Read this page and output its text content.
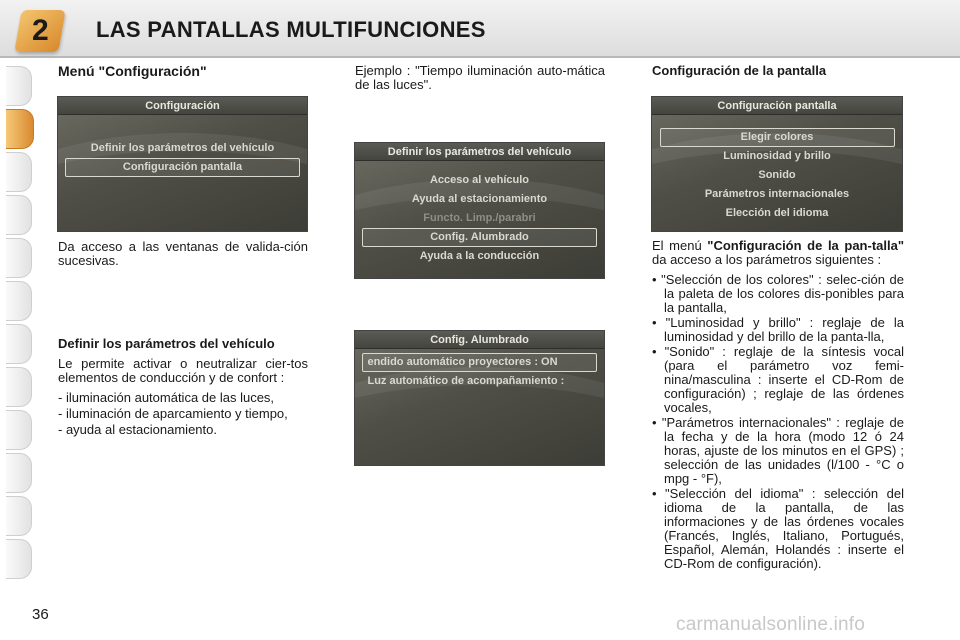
2 LAS PANTALLAS MULTIFUNCIONES
Menú "Configuración"
Configuración
Definir los parámetros del vehículo
Configuración pantalla
Da acceso a las ventanas de valida-ción sucesivas.

Definir los parámetros del vehículo

Le permite activar o neutralizar cier-tos elementos de conducción y de confort :

- iluminación automática de las luces,
- iluminación de aparcamiento y tiempo,
- ayuda al estacionamiento.
Ejemplo : "Tiempo iluminación auto-mática de las luces".
Definir los parámetros del vehículo
Acceso al vehículo
Ayuda al estacionamiento
Functo. Limp./parabri
Config. Alumbrado
Ayuda a la conducción
Config. Alumbrado
endido automático proyectores : ON
Luz automático de acompañamiento :
Configuración de la pantalla
Configuración pantalla
Elegir colores
Luminosidad y brillo
Sonido
Parámetros internacionales
Elección del idioma

El menú "Configuración de la pan-talla" da acceso a los parámetros siguientes :

• "Selección de los colores" : selec-ción de la paleta de los colores dis-ponibles para la pantalla,
• "Luminosidad y brillo" : reglaje de la luminosidad y del brillo de la panta-lla,
• "Sonido" : reglaje de la síntesis vocal (para el parámetro voz femi-nina/masculina : inserte el CD-Rom de configuración) ; reglaje de las órdenes vocales,
• "Parámetros internacionales" : reglaje de la fecha y de la hora (modo 12 ó 24 horas, ajuste de los minutos en el GPS) ; selección de las unidades (l/100 - °C o mpg - °F),
• "Selección del idioma" : selección del idioma de la pantalla, de las informaciones y de las órdenes vocales (Francés, Inglés, Italiano, Portugués, Español, Alemán, Holandés : inserte el CD-Rom de configuración).
36	carmanualsonline.info
